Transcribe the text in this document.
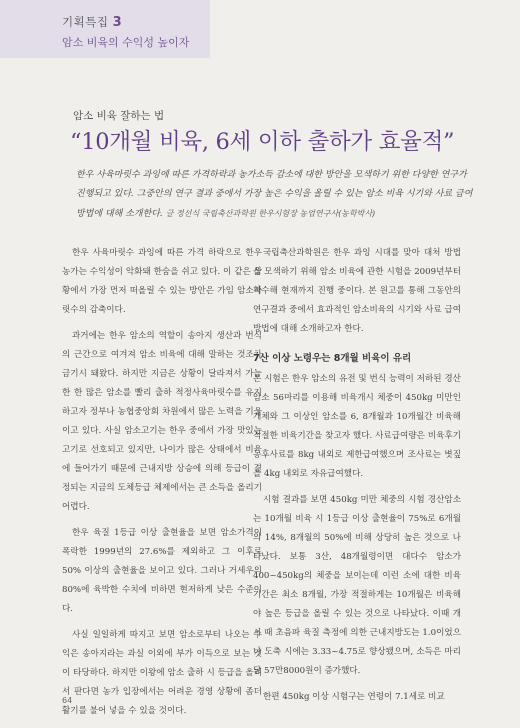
기획특집 3
암소 비육의 수익성 높이자
암소 비육 잘하는 법
“10개월 비육, 6세 이하 출하가 효율적”
한우 사육마릿수 과잉에 따른 가격하락과 농가소득 감소에 대한 방안을 모색하기 위한 다양한 연구가 진행되고 있다. 그중안의 연구 결과 중에서 가장 높은 수익을 올릴 수 있는 암소 비육 시기와 사료 급여방법에 대해 소개한다. 글 정선식 국립축산과학원 한우시험장 농업연구사(농학박사)

한우 사육마릿수 과잉에 따른 가격 하락으로 한우농가는 수익성이 악화돼 한숨을 쉬고 있다. 이 같은 상황에서 가장 먼저 떠올릴 수 있는 방안은 가임 암소마릿수의 감축이다.

과거에는 한우 암소의 역할이 송아지 생산과 번식의 근간으로 여겨져 암소 비육에 대해 말하는 것조차 금기시 돼왔다. 하지만 지금은 상황이 달라져서 가능한 한 많은 암소를 빨리 출하 적정사육마릿수를 유지하고자 정부나 농협중앙회 차원에서 많은 노력을 기울이고 있다. 사실 암소고기는 한우 중에서 가장 맛있는 고기로 선호되고 있지만, 나이가 많은 상태에서 비육에 들어가기 때문에 근내지방 상승에 의해 등급이 결정되는 지금의 도체등급 체제에서는 큰 소득을 올리기 어렵다.

한우 육질 1등급 이상 출현율을 보면 암소가격이 폭락한 1999년의 27.6%를 제외하고 그 이후로 50% 이상의 출현율을 보이고 있다. 그러나 거세우의 80%에 육박한 수치에 비하면 현저하게 낮은 수준이다.

사실 일일하게 따지고 보면 암소로부터 나오는 수익은 송아지라는 과실 이외에 부가 이득으로 보는 것이 타당하다. 하지만 이왕에 암소 출하 시 등급을 올려서 판다면 농가 입장에서는 어려운 경영 상황에 좀더 활기를 불어 넣을 수 있을 것이다.

국립축산과학원은 한우 과잉 시대를 맞아 대처 방법을 모색하기 위해 암소 비육에 관한 시험을 2009년부터 착수해 현재까지 진행 중이다. 본 원고를 통해 그동안의 연구결과 중에서 효과적인 암소비육의 시기와 사료 급여방법에 대해 소개하고자 한다.

7산 이상 노령우는 8개월 비육이 유리

본 시험은 한우 암소의 유전 및 번식 능력이 저하된 경산암소 56마리를 이용해 비육개시 체중이 450kg 미만인 개체와 그 이상인 암소를 6, 8개월과 10개월간 비육해 적절한 비육기간을 찾고자 했다. 사료급여량은 비육후기 농후사료를 8kg 내외로 제한급여했으며 조사료는 볏짚을 4kg 내외로 자유급여했다.

시험 결과를 보면 450kg 미만 체중의 시험 경산암소는 10개월 비육 시 1등급 이상 출현율이 75%로 6개월의 14%, 8개월의 50%에 비해 상당히 높은 것으로 나타났다. 보통 3산, 48개월령이면 대다수 암소가 400~450kg의 체중을 보이는데 이런 소에 대한 비육기간은 최소 8개월, 가장 적절하게는 10개월은 비육해야 높은 등급을 올릴 수 있는 것으로 나타났다. 이때 개시 때 초음파 육질 측정에 의한 근내지방도는 1.0이었으나 도축 시에는 3.33~4.75로 향상됐으며, 소득은 마리당 57만8000원이 증가했다.

한편 450kg 이상 시험구는 연령이 7.1세로 비교

64
